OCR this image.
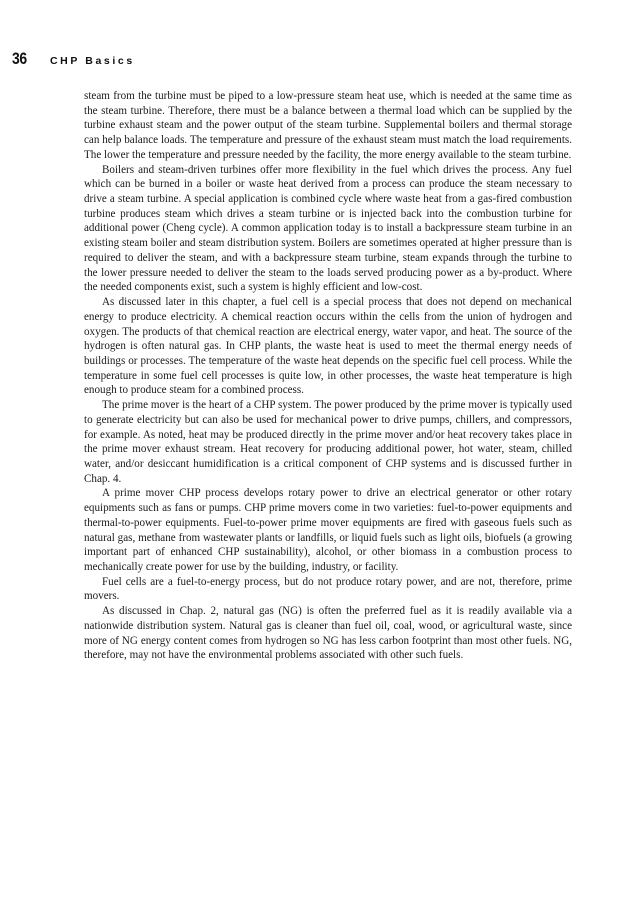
36	CHP Basics

steam from the turbine must be piped to a low-pressure steam heat use, which is needed at the same time as the steam turbine. Therefore, there must be a balance between a thermal load which can be supplied by the turbine exhaust steam and the power output of the steam turbine. Supplemental boilers and thermal storage can help balance loads. The temperature and pressure of the exhaust steam must match the load requirements. The lower the temperature and pressure needed by the facility, the more energy available to the steam turbine.

Boilers and steam-driven turbines offer more flexibility in the fuel which drives the process. Any fuel which can be burned in a boiler or waste heat derived from a process can produce the steam necessary to drive a steam turbine. A special application is combined cycle where waste heat from a gas-fired combustion turbine produces steam which drives a steam turbine or is injected back into the combustion turbine for additional power (Cheng cycle). A common application today is to install a backpressure steam turbine in an existing steam boiler and steam distribution system. Boilers are sometimes operated at higher pressure than is required to deliver the steam, and with a backpressure steam turbine, steam expands through the turbine to the lower pressure needed to deliver the steam to the loads served producing power as a by-product. Where the needed components exist, such a system is highly efficient and low-cost.

As discussed later in this chapter, a fuel cell is a special process that does not depend on mechanical energy to produce electricity. A chemical reaction occurs within the cells from the union of hydrogen and oxygen. The products of that chemical reaction are electrical energy, water vapor, and heat. The source of the hydrogen is often natural gas. In CHP plants, the waste heat is used to meet the thermal energy needs of buildings or processes. The temperature of the waste heat depends on the specific fuel cell process. While the temperature in some fuel cell processes is quite low, in other processes, the waste heat temperature is high enough to produce steam for a combined process.

The prime mover is the heart of a CHP system. The power produced by the prime mover is typically used to generate electricity but can also be used for mechanical power to drive pumps, chillers, and compressors, for example. As noted, heat may be produced directly in the prime mover and/or heat recovery takes place in the prime mover exhaust stream. Heat recovery for producing additional power, hot water, steam, chilled water, and/or desiccant humidification is a critical component of CHP systems and is discussed further in Chap. 4.

A prime mover CHP process develops rotary power to drive an electrical generator or other rotary equipments such as fans or pumps. CHP prime movers come in two varieties: fuel-to-power equipments and thermal-to-power equipments. Fuel-to-power prime mover equipments are fired with gaseous fuels such as natural gas, methane from wastewater plants or landfills, or liquid fuels such as light oils, biofuels (a growing important part of enhanced CHP sustainability), alcohol, or other biomass in a combustion process to mechanically create power for use by the building, industry, or facility.

Fuel cells are a fuel-to-energy process, but do not produce rotary power, and are not, therefore, prime movers.

As discussed in Chap. 2, natural gas (NG) is often the preferred fuel as it is readily available via a nationwide distribution system. Natural gas is cleaner than fuel oil, coal, wood, or agricultural waste, since more of NG energy content comes from hydrogen so NG has less carbon footprint than most other fuels. NG, therefore, may not have the environmental problems associated with other such fuels.
